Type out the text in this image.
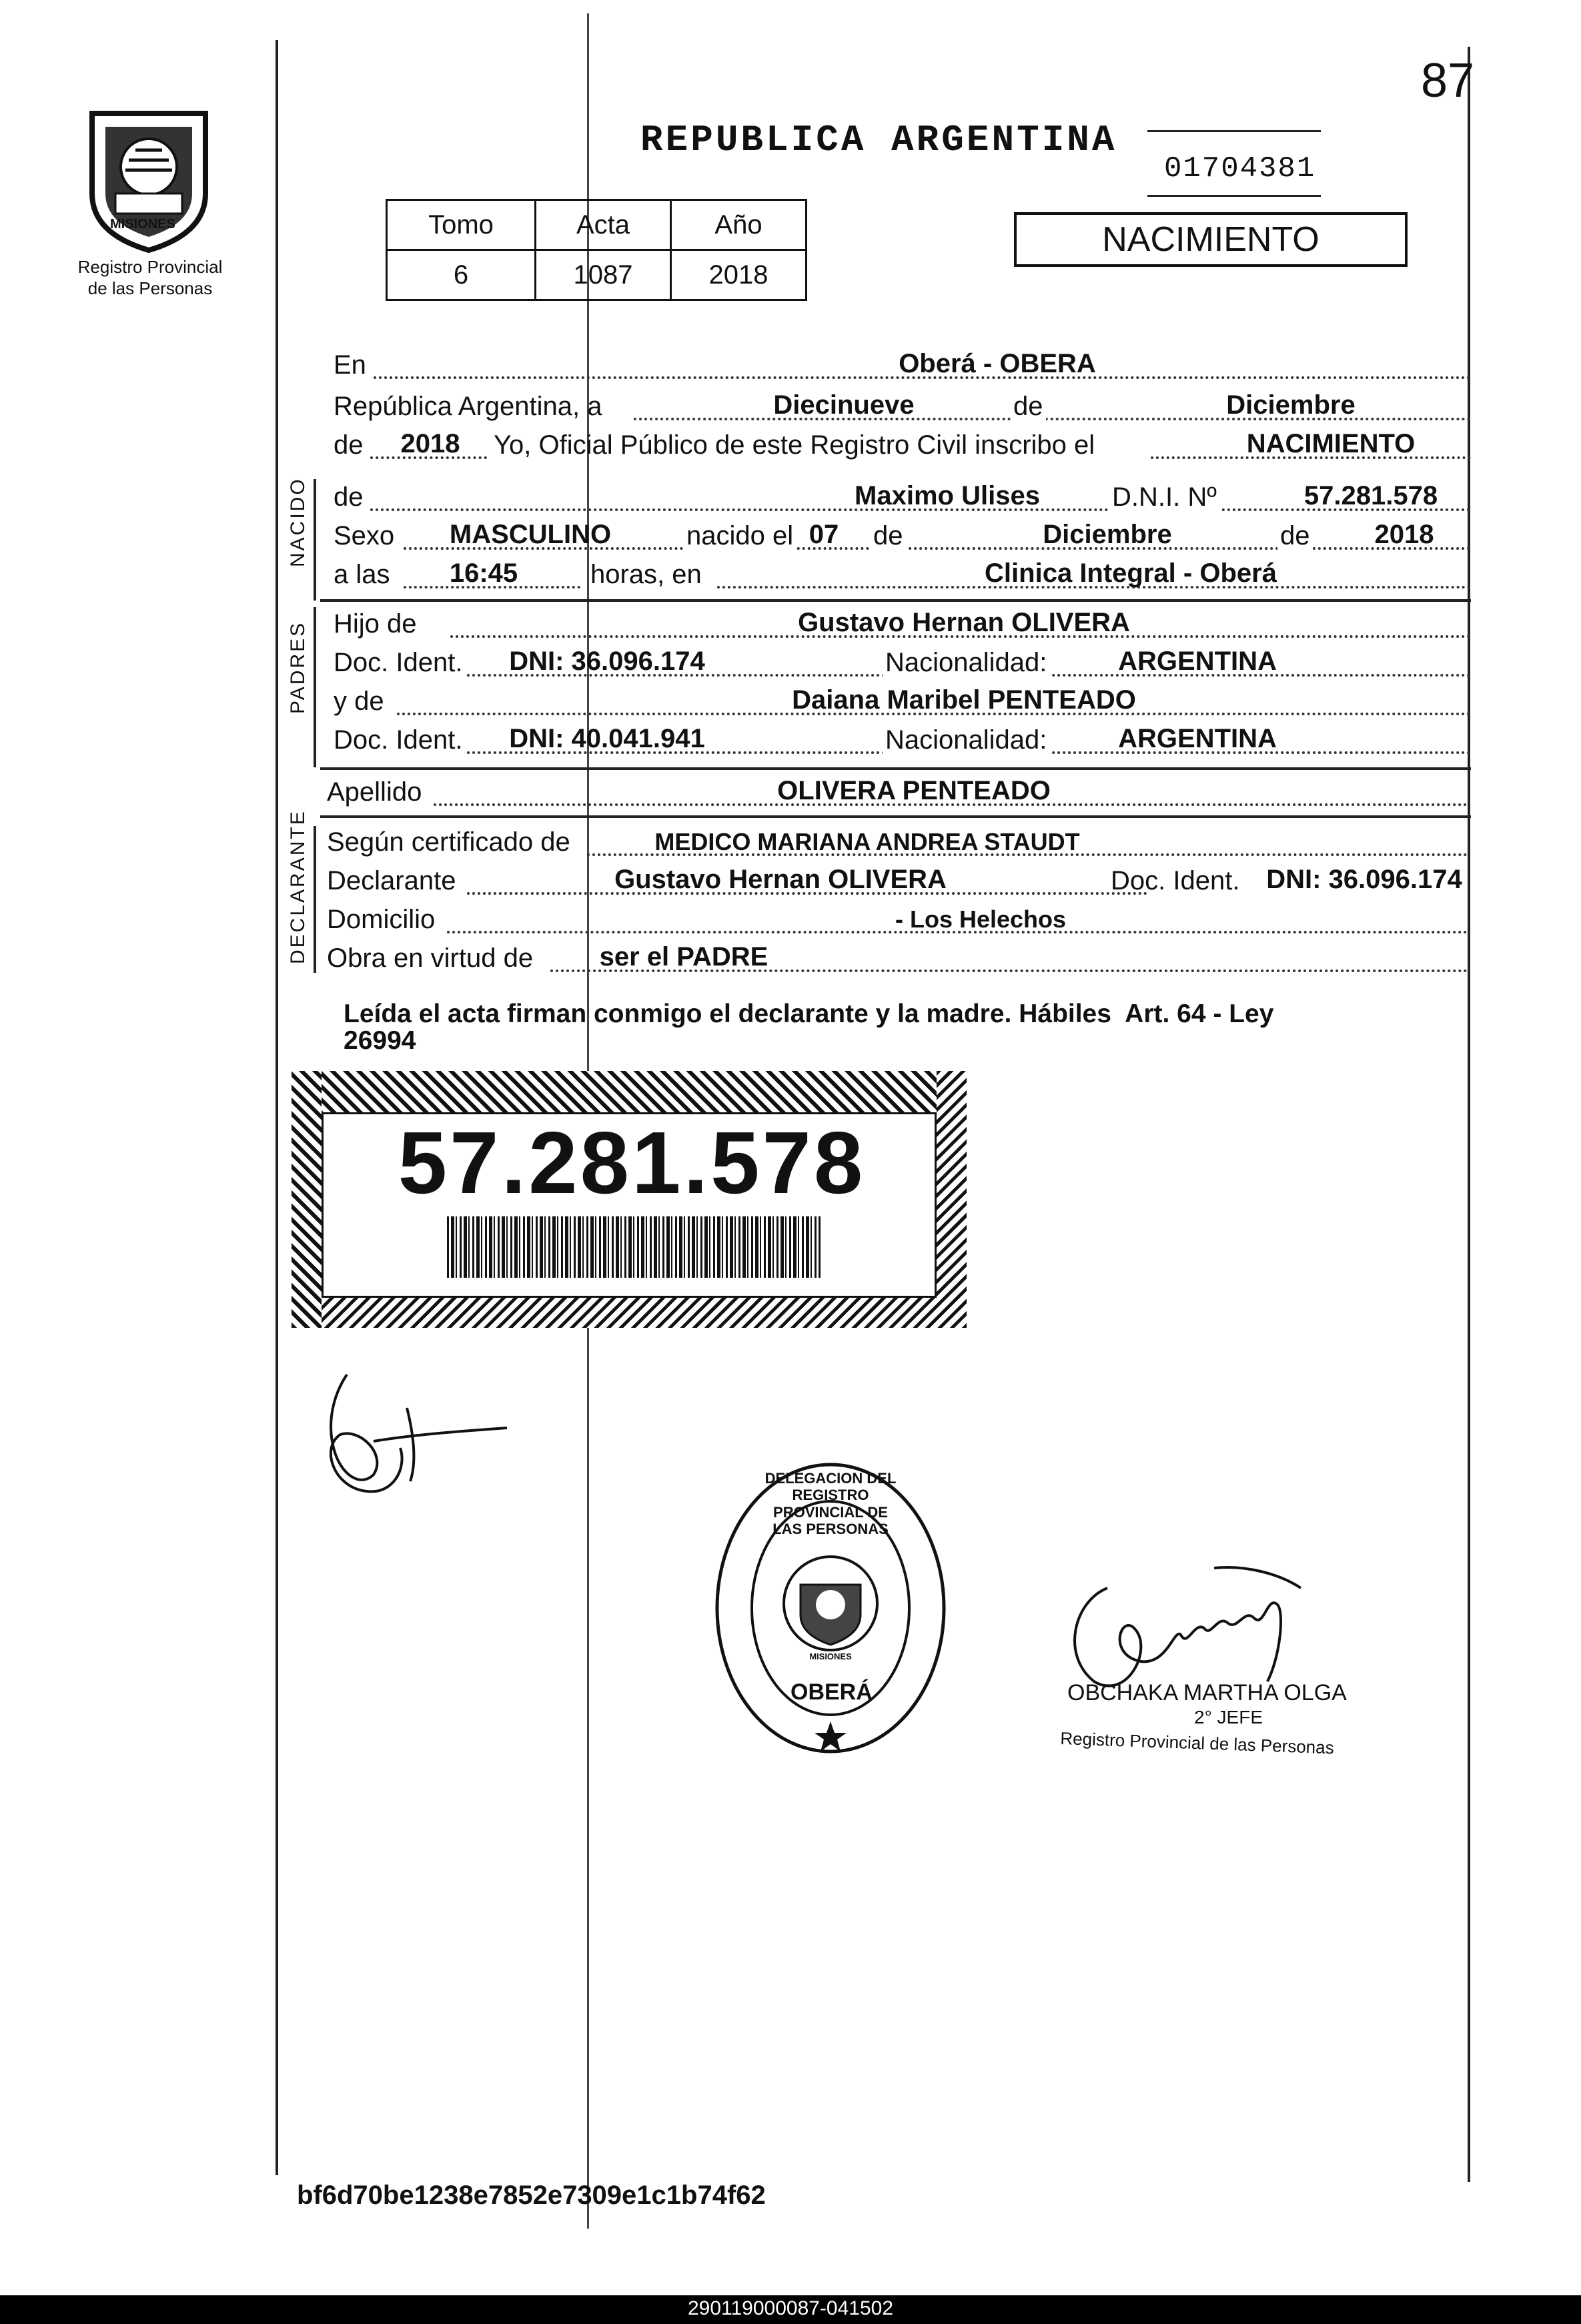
87
PROVINCIA DE
MISIONES
Registro Provincial
de las Personas
REPUBLICA ARGENTINA
01704381
NACIMIENTO
Tomo	Acta	Año
6	1087	2018
En	Oberá - OBERA
República Argentina, a	Diecinueve	de	Diciembre
de	2018	Yo, Oficial Público de este Registro Civil inscribo el	NACIMIENTO
NACIDO de	Maximo Ulises	D.N.I. Nº	57.281.578
Sexo	MASCULINO	nacido el 07	de	Diciembre	de	2018
a las	16:45	horas, en	Clinica Integral - Oberá
PADRES Hijo de	Gustavo Hernan OLIVERA
Doc. Ident.	DNI: 36.096.174	Nacionalidad:	ARGENTINA
y de	Daiana Maribel PENTEADO
Doc. Ident.	DNI: 40.041.941	Nacionalidad:	ARGENTINA
Apellido	OLIVERA PENTEADO
DECLARANTE Según certificado de	MEDICO MARIANA ANDREA STAUDT
Declarante	Gustavo Hernan OLIVERA	Doc. Ident. DNI: 36.096.174
Domicilio	- Los Helechos
Obra en virtud de	ser el PADRE
Leída el acta firman conmigo el declarante y la madre. Hábiles  Art. 64 - Ley
26994
57.281.578
DELEGACION DEL REGISTRO PROVINCIAL DE LAS PERSONAS
MISIONES
OBERÁ	OBCHAKA MARTHA OLGA
2° JEFE
Registro Provincial de las Personas
bf6d70be1238e7852e7309e1c1b74f62
290119000087-041502
